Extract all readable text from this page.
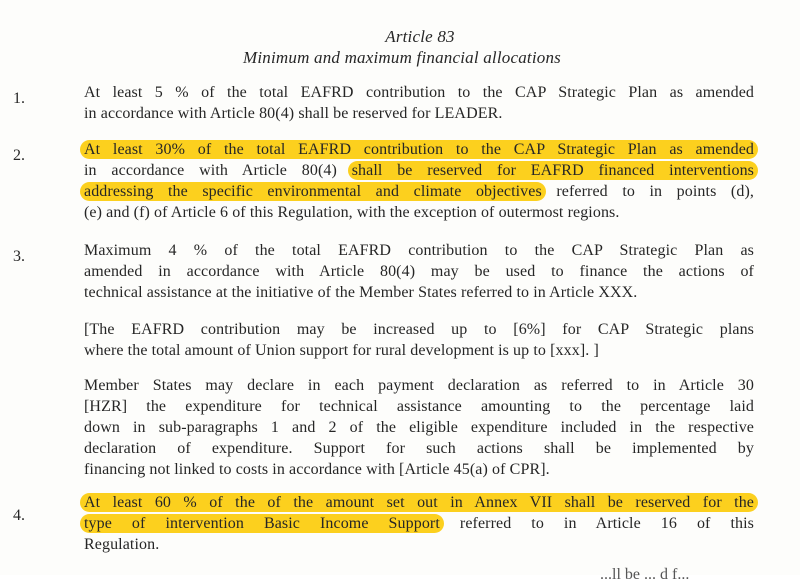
Article 83
Minimum and maximum financial allocations
1.	At least 5 % of the total EAFRD contribution to the CAP Strategic Plan as amended
in accordance with Article 80(4) shall be reserved for LEADER.
2.	At least 30% of the total EAFRD contribution to the CAP Strategic Plan as amended
in accordance with Article 80(4) shall be reserved for EAFRD financed interventions
addressing the specific environmental and climate objectives referred to in points (d),
(e) and (f) of Article 6 of this Regulation, with the exception of outermost regions.
3.	Maximum 4 % of the total EAFRD contribution to the CAP Strategic Plan as
amended in accordance with Article 80(4) may be used to finance the actions of
technical assistance at the initiative of the Member States referred to in Article XXX.
[The EAFRD contribution may be increased up to [6%] for CAP Strategic plans
where the total amount of Union support for rural development is up to [xxx]. ]
Member States may declare in each payment declaration as referred to in Article 30
[HZR] the expenditure for technical assistance amounting to the percentage laid
down in sub-paragraphs 1 and 2 of the eligible expenditure included in the respective
declaration of expenditure. Support for such actions shall be implemented by
financing not linked to costs in accordance with [Article 45(a) of CPR].
4.
At least 60 % of the of the amount set out in Annex VII shall be reserved for the
type of intervention Basic Income Support referred to in Article 16 of this
Regulation.
...ll be ... d f...
